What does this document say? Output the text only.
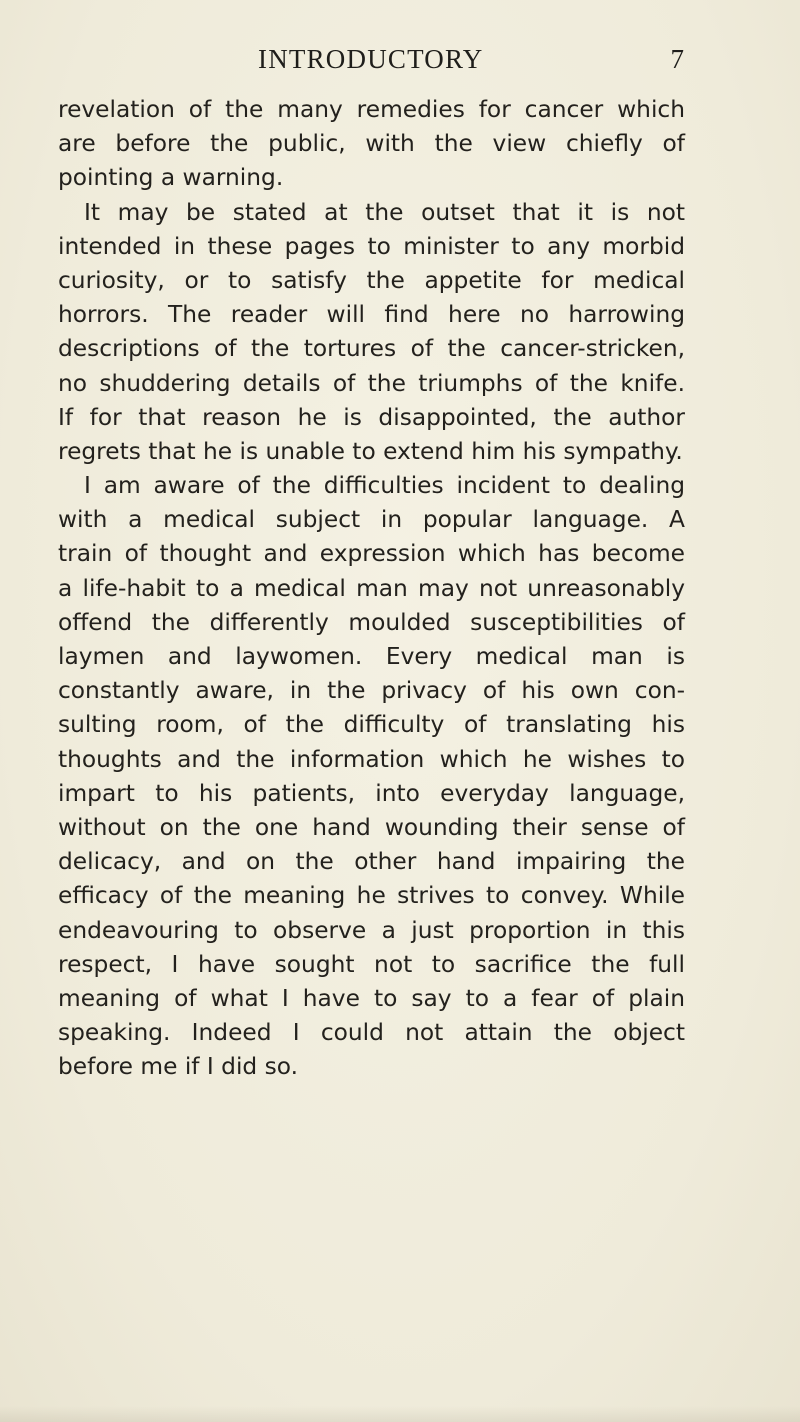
INTRODUCTORY	7
revelation of the many remedies for cancer which
are before the public, with the view chiefly of
pointing a warning.
It may be stated at the outset that it is not
intended in these pages to minister to any morbid
curiosity, or to satisfy the appetite for medical
horrors. The reader will find here no harrowing
descriptions of the tortures of the cancer-stricken,
no shuddering details of the triumphs of the knife.
If for that reason he is disappointed, the author
regrets that he is unable to extend him his sympathy.
I am aware of the difficulties incident to dealing
with a medical subject in popular language. A
train of thought and expression which has become
a life-habit to a medical man may not unreasonably
offend the differently moulded susceptibilities of
laymen and laywomen. Every medical man is
constantly aware, in the privacy of his own con-
sulting room, of the difficulty of translating his
thoughts and the information which he wishes to
impart to his patients, into everyday language,
without on the one hand wounding their sense of
delicacy, and on the other hand impairing the
efficacy of the meaning he strives to convey. While
endeavouring to observe a just proportion in this
respect, I have sought not to sacrifice the full
meaning of what I have to say to a fear of plain
speaking. Indeed I could not attain the object
before me if I did so.
